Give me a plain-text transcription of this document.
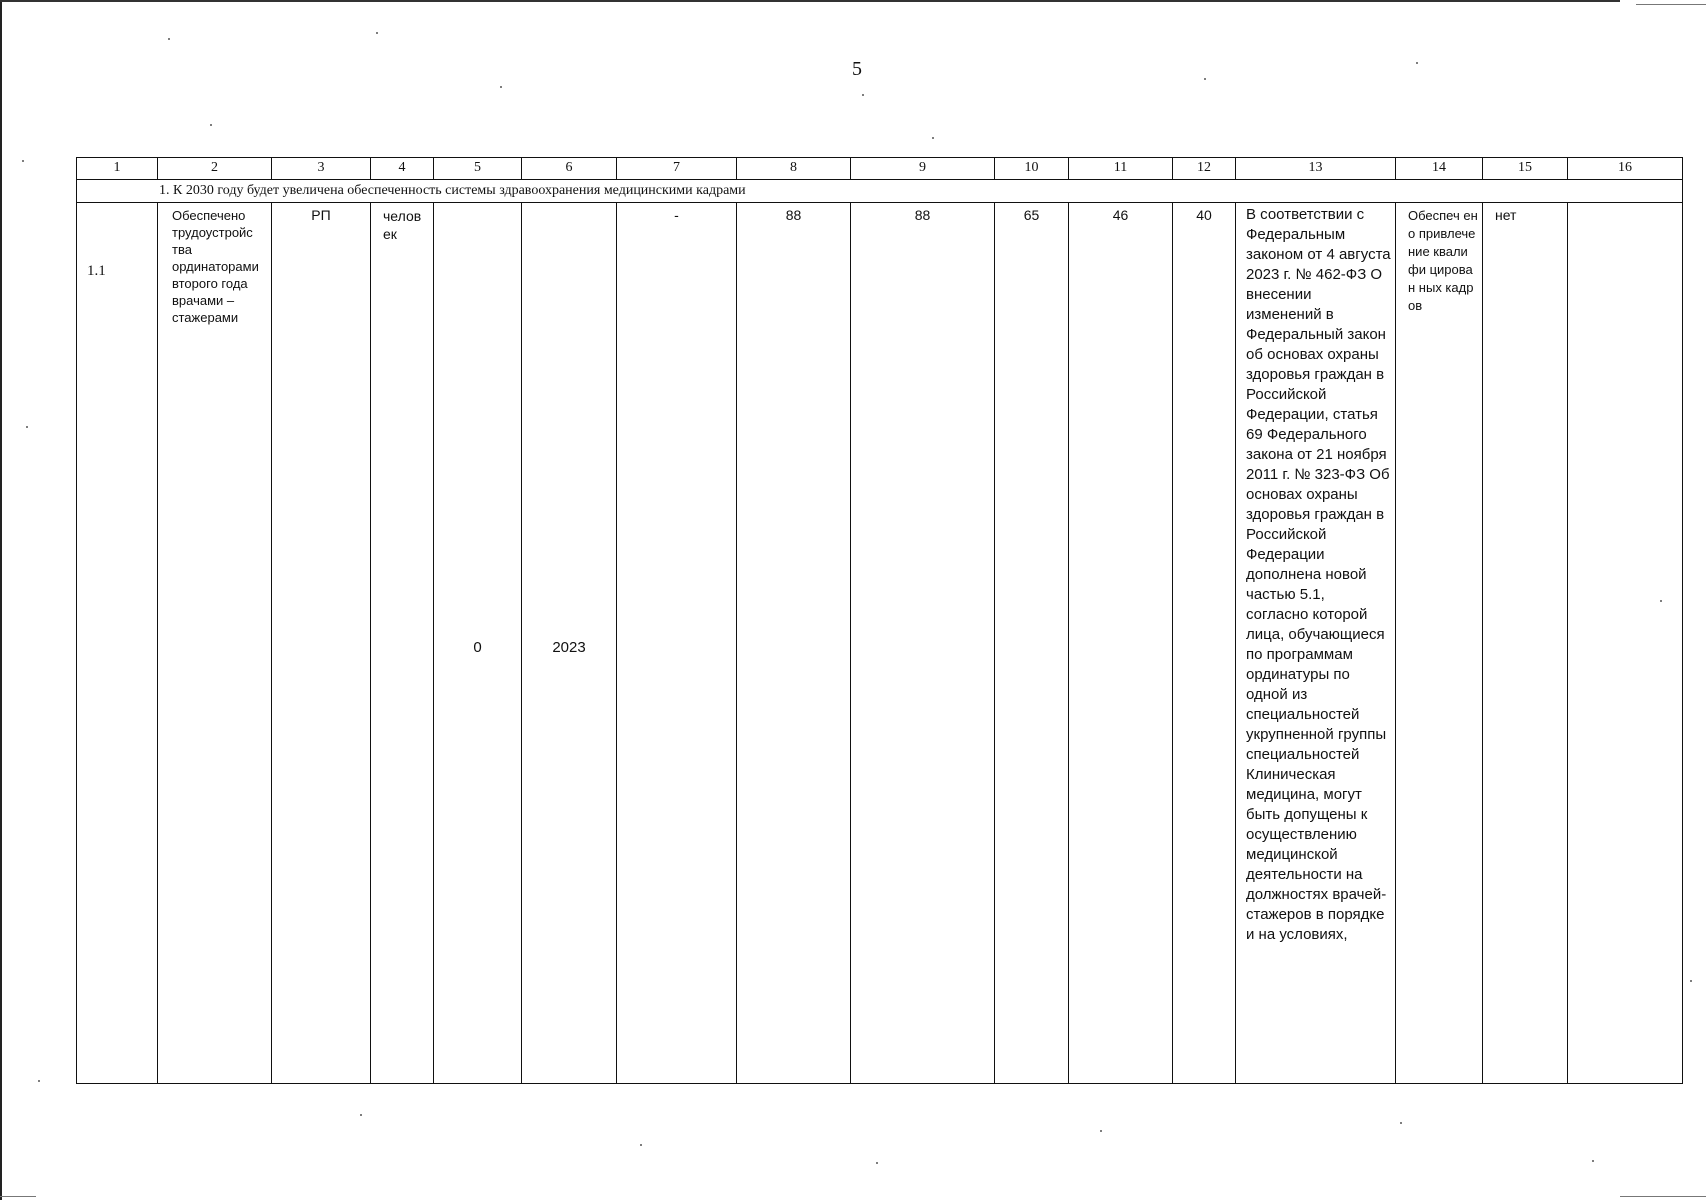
5
1	2	3	4	5	6	7	8	9	10	11	12	13	14	15	16
1. К 2030 году будет увеличена обеспеченность системы здравоохранения медицинскими кадрами															

1.1	Обеспечено трудоустройс тва ординаторами второго года врачами – стажерами	РП	челов ек	0	2023	-	88	88	65	46	40	В соответствии с Федеральным законом от 4 августа 2023 г. № 462-ФЗ О внесении изменений в Федеральный закон об основах охраны здоровья граждан в Российской Федерации, статья 69 Федерального закона от 21 ноября 2011 г. № 323-ФЗ Об основах охраны здоровья граждан в Российской Федерации дополнена новой частью 5.1, согласно которой лица, обучающиеся по программам ординатуры по одной из специальностей укрупненной группы специальностей Клиническая медицина, могут быть допущены к осуществлению медицинской деятельности на должностях врачей-стажеров в порядке и на условиях,	Обеспеч ено привлече ние квалифи цирован ных кадров	нет	
